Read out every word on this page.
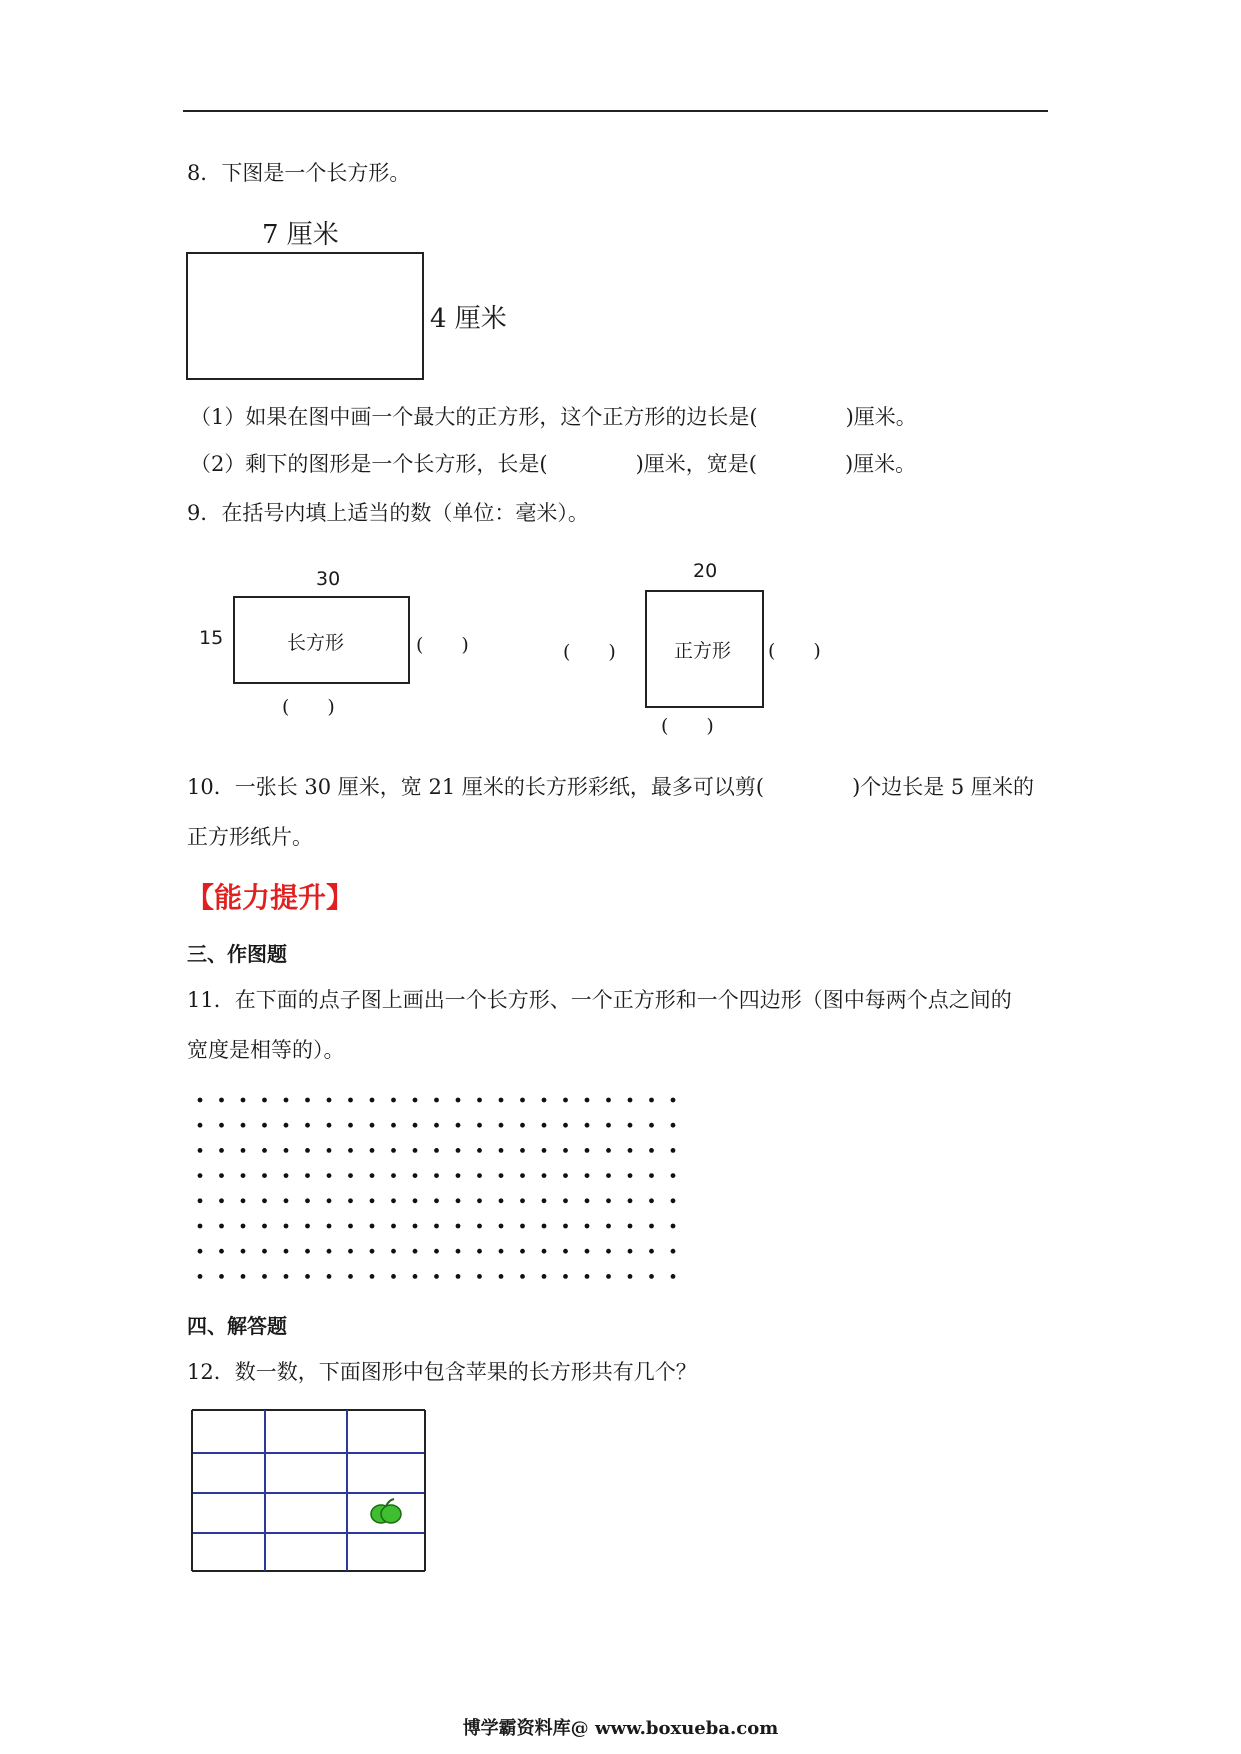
8．下图是一个长方形。
7 厘米
4 厘米
（1）如果在图中画一个最大的正方形，这个正方形的边长是(	)厘米。
（2）剩下的图形是一个长方形，长是(	)厘米，宽是(	)厘米。
9．在括号内填上适当的数（单位：毫米）。
30
15	长方形	(　　)
(　　)
20
(　　)	正方形 (　　)
(　　)
10．一张长 30 厘米，宽 21 厘米的长方形彩纸，最多可以剪(	)个边长是 5 厘米的
正方形纸片。
【能力提升】
三、作图题
11．在下面的点子图上画出一个长方形、一个正方形和一个四边形（图中每两个点之间的
宽度是相等的）。
四、解答题
12．数一数，下面图形中包含苹果的长方形共有几个？
博学霸资料库@ www.boxueba.com
